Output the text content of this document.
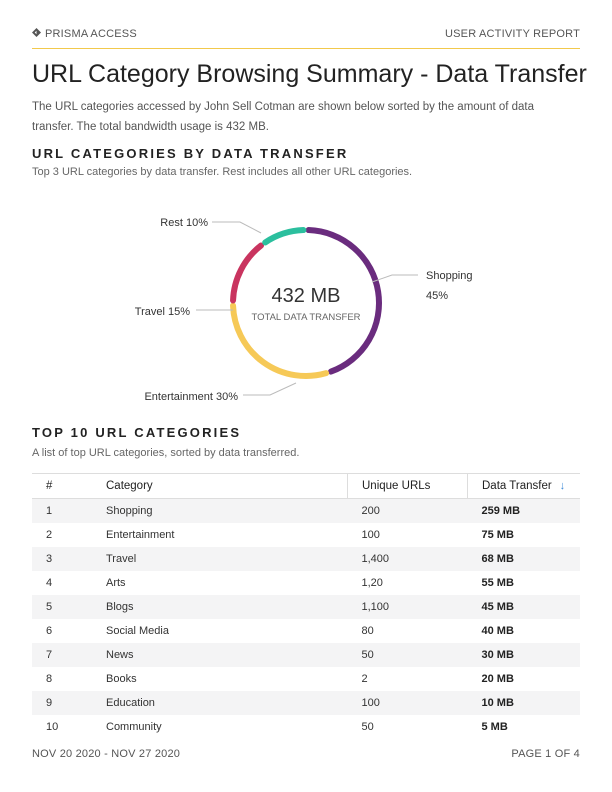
PRISMA ACCESS	USER ACTIVITY REPORT
URL Category Browsing Summary - Data Transfer
The URL categories accessed by John Sell Cotman are shown below sorted by the amount of data transfer. The total bandwidth usage is 432 MB.
URL CATEGORIES BY DATA TRANSFER
Top 3 URL categories by data transfer. Rest includes all other URL categories.
Shopping
45%
Rest 10%
Travel 15%
Entertainment 30%
432 MB
TOTAL DATA TRANSFER
TOP 10 URL CATEGORIES
A list of top URL categories, sorted by data transferred.
#	Category	Unique URLs	Data Transfer ↓
1	Shopping	200	259 MB
2	Entertainment	100	75 MB
3	Travel	1,400	68 MB
4	Arts	1,20	55 MB
5	Blogs	1,100	45 MB
6	Social Media	80	40 MB
7	News	50	30 MB
8	Books	2	20 MB
9	Education	100	10 MB
10	Community	50	5 MB
NOV 20 2020 - NOV 27 2020	PAGE 1 OF 4
